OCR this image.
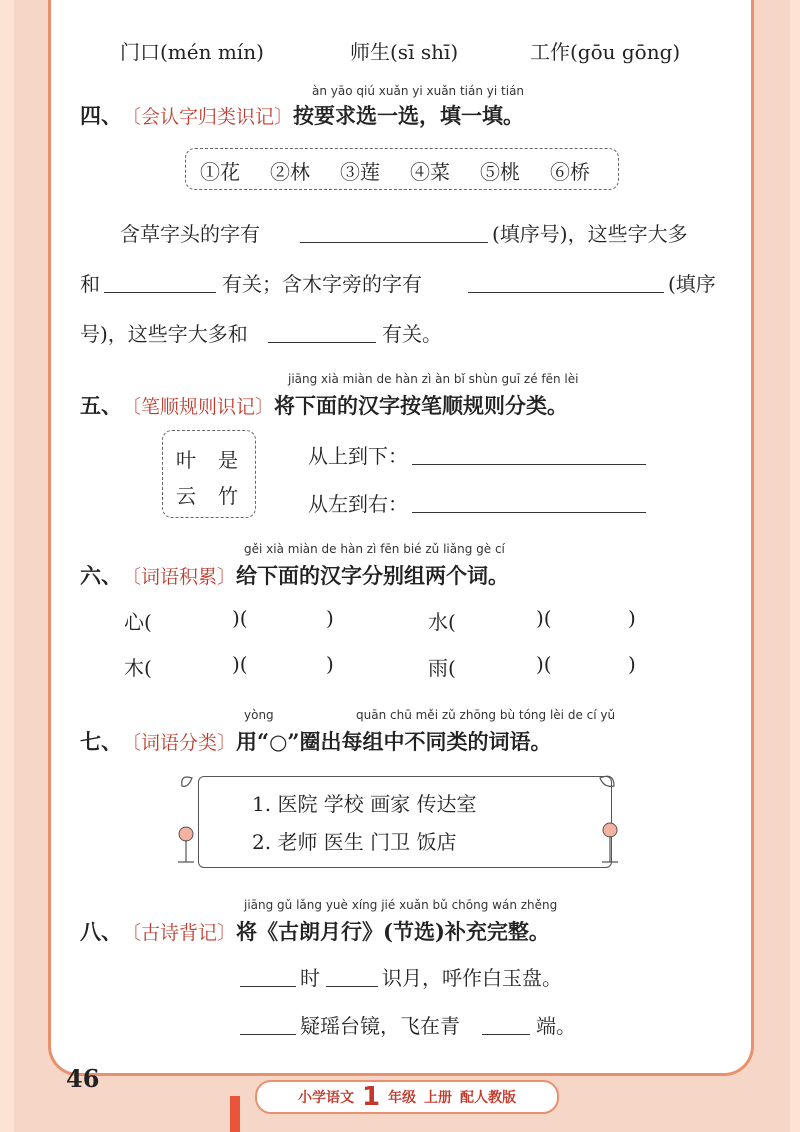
门口(mén mín)	师生(sī shī)	工作(gōu gōng)
àn yāo qiú xuǎn yi xuǎn tián yi tián
四、 〔会认字归类识记〕 按要求选一选，填一填。
①花 ②林 ③莲 ④菜 ⑤桃 ⑥桥
含草字头的字有	(填序号)，这些字大多
和	有关；含木字旁的字有	(填序
号)，这些字大多和	有关。
jiāng xià miàn de hàn zì àn bǐ shùn guī zé fēn lèi
五、 〔笔顺规则识记〕 将下面的汉字按笔顺规则分类。
叶 是
云 竹
从上到下：
从左到右：
gěi xià miàn de hàn zì fēn bié zǔ liǎng gè cí
六、 〔词语积累〕 给下面的汉字分别组两个词。
心(	)(	)	水(	)(	)
木(	)(	)	雨(	)(	)
yòng	quān chū měi zǔ zhōng bù tóng lèi de cí yǔ
七、 〔词语分类〕 用“○”圈出每组中不同类的词语。
1. 医院 学校 画家 传达室
2. 老师 医生 门卫 饭店
jiāng gǔ lǎng yuè xíng jié xuǎn bǔ chōng wán zhěng
八、 〔古诗背记〕 将《古朗月行》(节选)补充完整。
时	识月，呼作白玉盘。
疑瑶台镜，飞在青	端。
46
小学语文 1 年级 上册 配人教版
